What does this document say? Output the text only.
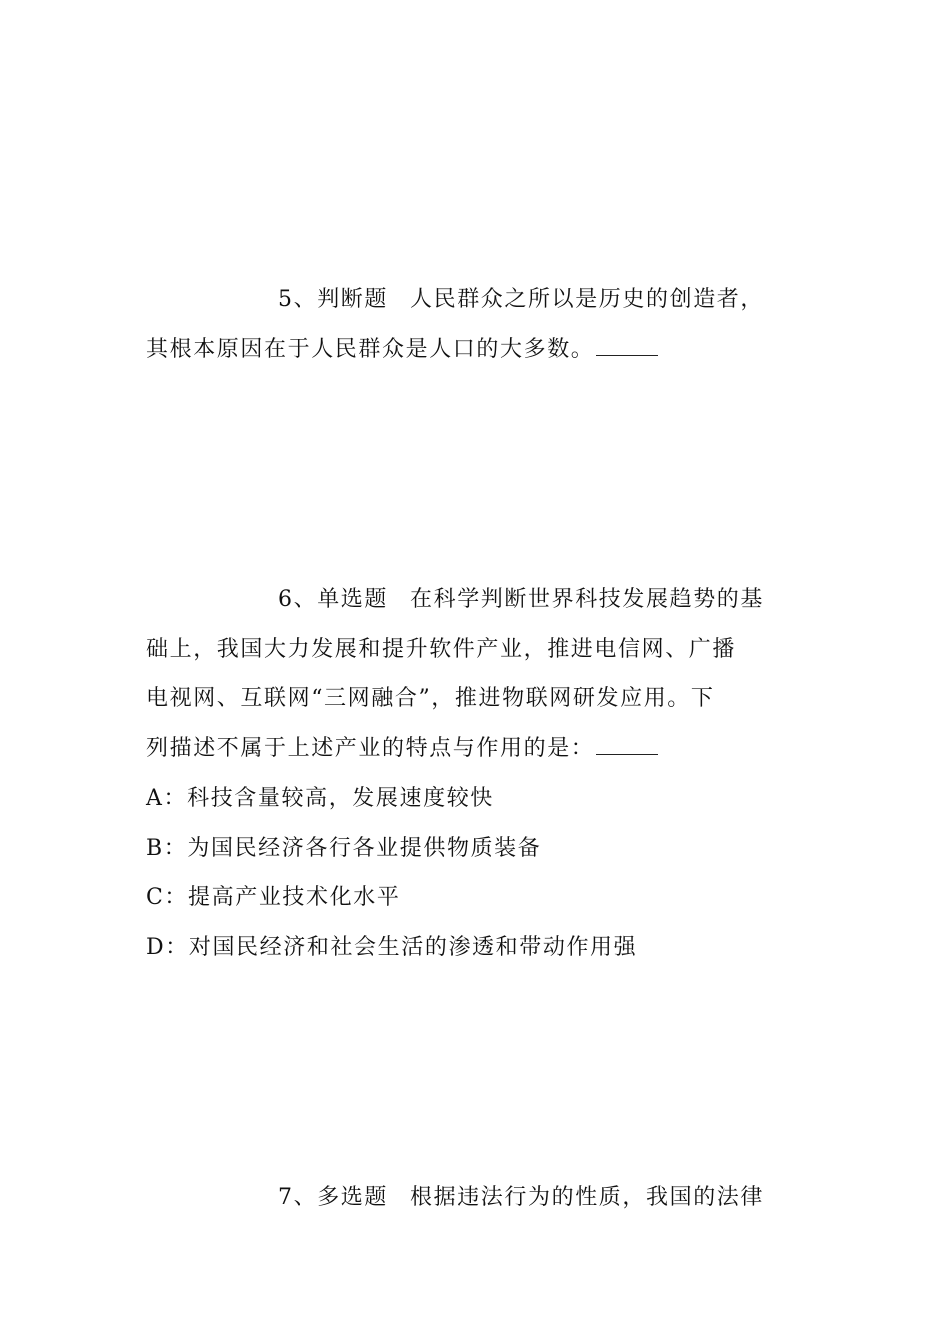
5、判断题 人民群众之所以是历史的创造者，
其根本原因在于人民群众是人口的大多数。
6、单选题 在科学判断世界科技发展趋势的基
础上，我国大力发展和提升软件产业，推进电信网、广播
电视网、互联网“三网融合”，推进物联网研发应用。下
列描述不属于上述产业的特点与作用的是：
A：科技含量较高，发展速度较快
B：为国民经济各行各业提供物质装备
C：提高产业技术化水平
D：对国民经济和社会生活的渗透和带动作用强
7、多选题 根据违法行为的性质，我国的法律
